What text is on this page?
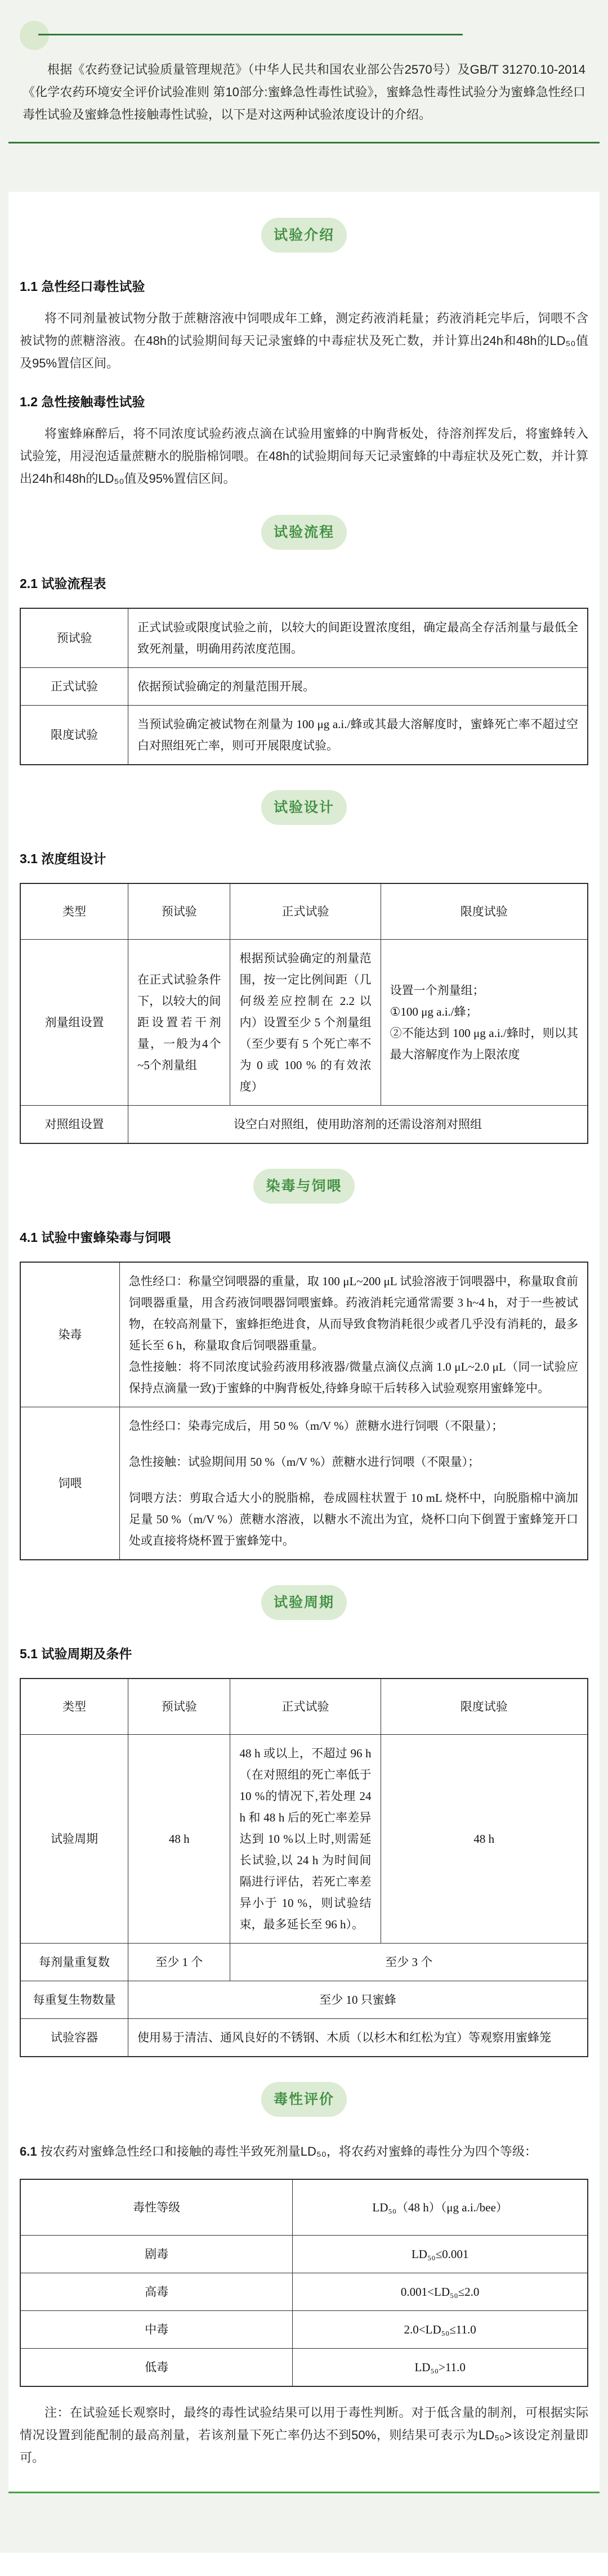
根据《农药登记试验质量管理规范》（中华人民共和国农业部公告2570号）及GB/T 31270.10-2014《化学农药环境安全评价试验准则 第10部分:蜜蜂急性毒性试验》，蜜蜂急性毒性试验分为蜜蜂急性经口毒性试验及蜜蜂急性接触毒性试验，以下是对这两种试验浓度设计的介绍。

试验介绍
1.1 急性经口毒性试验

将不同剂量被试物分散于蔗糖溶液中饲喂成年工蜂，测定药液消耗量；药液消耗完毕后，饲喂不含被试物的蔗糖溶液。在48h的试验期间每天记录蜜蜂的中毒症状及死亡数，并计算出24h和48h的LD₅₀值及95%置信区间。

1.2 急性接触毒性试验

将蜜蜂麻醉后，将不同浓度试验药液点滴在试验用蜜蜂的中胸背板处，待溶剂挥发后，将蜜蜂转入试验笼，用浸泡适量蔗糖水的脱脂棉饲喂。在48h的试验期间每天记录蜜蜂的中毒症状及死亡数，并计算出24h和48h的LD₅₀值及95%置信区间。

试验流程
2.1 试验流程表
预试验	正式试验或限度试验之前，以较大的间距设置浓度组，确定最高全存活剂量与最低全致死剂量，明确用药浓度范围。
正式试验	依据预试验确定的剂量范围开展。
限度试验	当预试验确定被试物在剂量为 100 μg a.i./蜂或其最大溶解度时，蜜蜂死亡率不超过空白对照组死亡率，则可开展限度试验。
试验设计
3.1 浓度组设计
类型	预试验	正式试验	限度试验
剂量组设置	在正式试验条件下，以较大的间距设置若干剂量，一般为4个~5个剂量组	根据预试验确定的剂量范围，按一定比例间距（几何级差应控制在 2.2 以内）设置至少 5 个剂量组（至少要有 5 个死亡率不为 0 或 100 % 的有效浓度）	设置一个剂量组；

①100 μg a.i./蜂；

②不能达到 100 μg a.i./蜂时，则以其最大溶解度作为上限浓度

对照组设置	设空白对照组，使用助溶剂的还需设溶剂对照组		
染毒与饲喂
4.1 试验中蜜蜂染毒与饲喂
染毒	急性经口：称量空饲喂器的重量，取 100 μL~200 μL 试验溶液于饲喂器中，称量取食前饲喂器重量，用含药液饲喂器饲喂蜜蜂。药液消耗完通常需要 3 h~4 h，对于一些被试物，在较高剂量下，蜜蜂拒绝进食，从而导致食物消耗很少或者几乎没有消耗的，最多延长至 6 h，称量取食后饲喂器重量。

急性接触：将不同浓度试验药液用移液器/微量点滴仪点滴 1.0 μL~2.0 μL（同一试验应保持点滴量一致)于蜜蜂的中胸背板处,待蜂身晾干后转移入试验观察用蜜蜂笼中。

饲喂	急性经口：染毒完成后，用 50 %（m/V %）蔗糖水进行饲喂（不限量）；

急性接触：试验期间用 50 %（m/V %）蔗糖水进行饲喂（不限量）；

饲喂方法：剪取合适大小的脱脂棉，卷成圆柱状置于 10 mL 烧杯中，向脱脂棉中滴加足量 50 %（m/V %）蔗糖水溶液，以糖水不流出为宜，烧杯口向下倒置于蜜蜂笼开口处或直接将烧杯置于蜜蜂笼中。

试验周期
5.1 试验周期及条件
类型	预试验	正式试验	限度试验
试验周期	48 h	48 h 或以上，不超过 96 h（在对照组的死亡率低于 10 %的情况下,若处理 24 h 和 48 h 后的死亡率差异达到 10 %以上时,则需延长试验,以 24 h 为时间间隔进行评估，若死亡率差异小于 10 %，则试验结束，最多延长至 96 h）。	48 h
每剂量重复数	至少 1 个	至少 3 个	
每重复生物数量	至少 10 只蜜蜂		
试验容器	使用易于清洁、通风良好的不锈钢、木质（以杉木和红松为宜）等观察用蜜蜂笼		
毒性评价

6.1 按农药对蜜蜂急性经口和接触的毒性半致死剂量LD₅₀，将农药对蜜蜂的毒性分为四个等级：

毒性等级	LD₅₀（48 h）（μg a.i./bee）
剧毒	LD₅₀≤0.001
高毒	0.001<LD₅₀≤2.0
中毒	2.0<LD₅₀≤11.0
低毒	LD₅₀>11.0

注：在试验延长观察时，最终的毒性试验结果可以用于毒性判断。对于低含量的制剂，可根据实际情况设置到能配制的最高剂量，若该剂量下死亡率仍达不到50%，则结果可表示为LD₅₀>该设定剂量即可。
